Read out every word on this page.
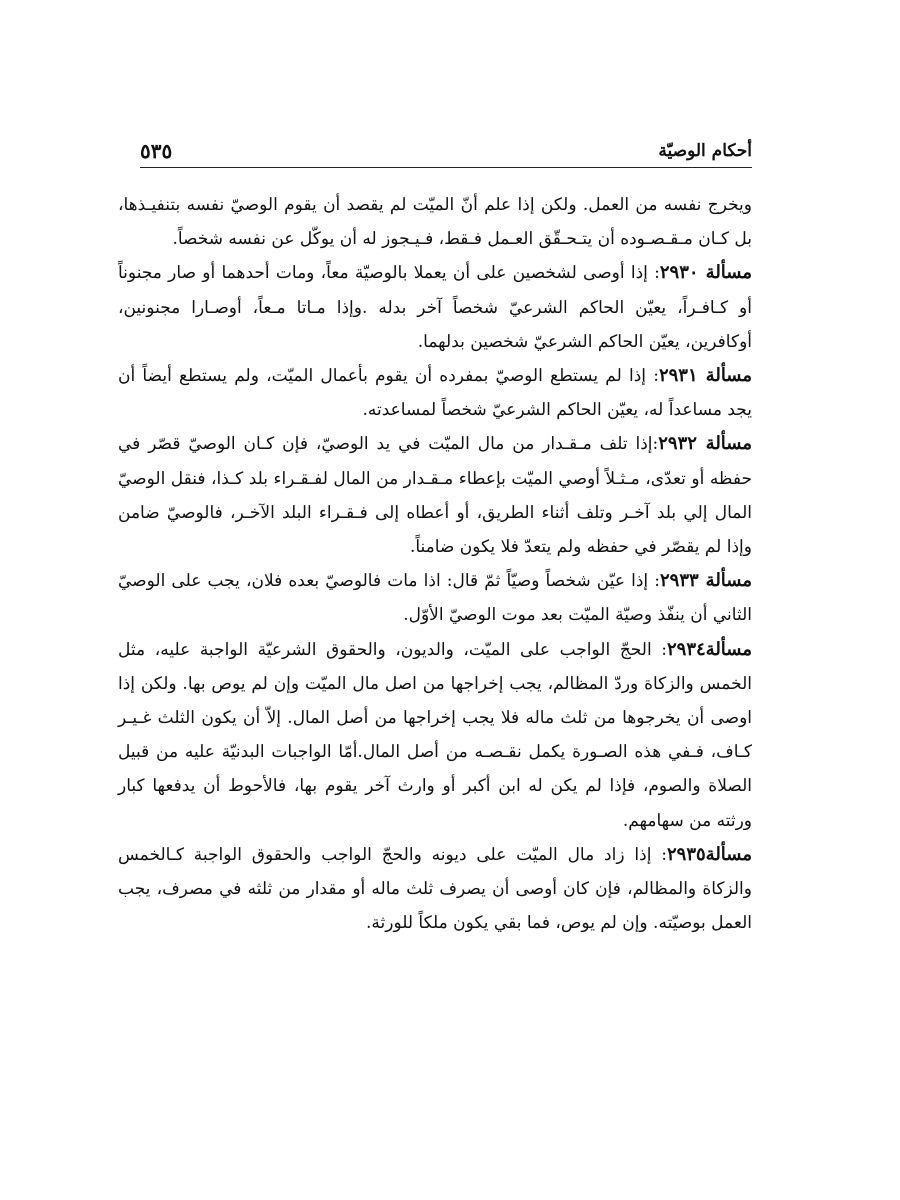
أحكام الوصيّة
٥٣٥

ويخرج نفسه من العمل. ولكن إذا علم أنّ الميّت لم يقصد أن يقوم الوصيّ نفسه بتنفيـذها، بل كـان مـقـصـوده أن يتـحـقّق العـمل فـقط، فـيـجوز له أن يوكّل عن نفسه شخصاً.

مسألة ٢٩٣٠: إذا أوصى لشخصين على أن يعملا بالوصيّة معاً، ومات أحدهما أو صار مجنوناً أو كـافـراً، يعيّن الحاكم الشرعيّ شخصاً آخر بدله .وإذا مـاتا مـعاً، أوصـارا مجنونين، أوكافرين، يعيّن الحاكم الشرعيّ شخصين بدلهما.

مسألة ٢٩٣١: إذا لم يستطع الوصيّ بمفرده أن يقوم بأعمال الميّت، ولم يستطع أيضاً أن يجد مساعداً له، يعيّن الحاكم الشرعيّ شخصاً لمساعدته.

مسألة ٢٩٣٢:إذا تلف مـقـدار من مال الميّت في يد الوصيّ، فإن كـان الوصيّ قصّر في حفظه أو تعدّى، مـثـلاً أوصي الميّت بإعطاء مـقـدار من المال لفـقـراء بلد كـذا، فنقل الوصيّ المال إلي بلد آخـر وتلف أثناء الطريق، أو أعطاه إلى فـقـراء البلد الآخـر، فالوصيّ ضامن وإذا لم يقصّر في حفظه ولم يتعدّ فلا يكون ضامناً.

مسألة ٢٩٣٣: إذا عيّن شخصاً وصيّاً ثمّ قال: اذا مات فالوصيّ بعده فلان، يجب على الوصيّ الثاني أن ينفّذ وصيّة الميّت بعد موت الوصيّ الأوّل.

مسألة٢٩٣٤: الحجّ الواجب على الميّت، والديون، والحقوق الشرعيّة الواجبة عليه، مثل الخمس والزكاة وردّ المظالم، يجب إخراجها من اصل مال الميّت وإن لم يوص بها. ولكن إذا اوصى أن يخرجوها من ثلث ماله فلا يجب إخراجها من أصل المال. إلاّ أن يكون الثلث غـيـر كـاف، فـفي هذه الصـورة يكمل نقـصـه من أصل المال.أمّا الواجبات البدنيّة عليه من قبيل الصلاة والصوم، فإذا لم يكن له ابن أكبر أو وارث آخر يقوم بها، فالأحوط أن يدفعها كبار ورثته من سهامهم.

مسألة٢٩٣٥: إذا زاد مال الميّت على ديونه والحجّ الواجب والحقوق الواجبة كـالخمس والزكاة والمظالم، فإن كان أوصى أن يصرف ثلث ماله أو مقدار من ثلثه في مصرف، يجب العمل بوصيّته. وإن لم يوص، فما بقي يكون ملكاً للورثة.
